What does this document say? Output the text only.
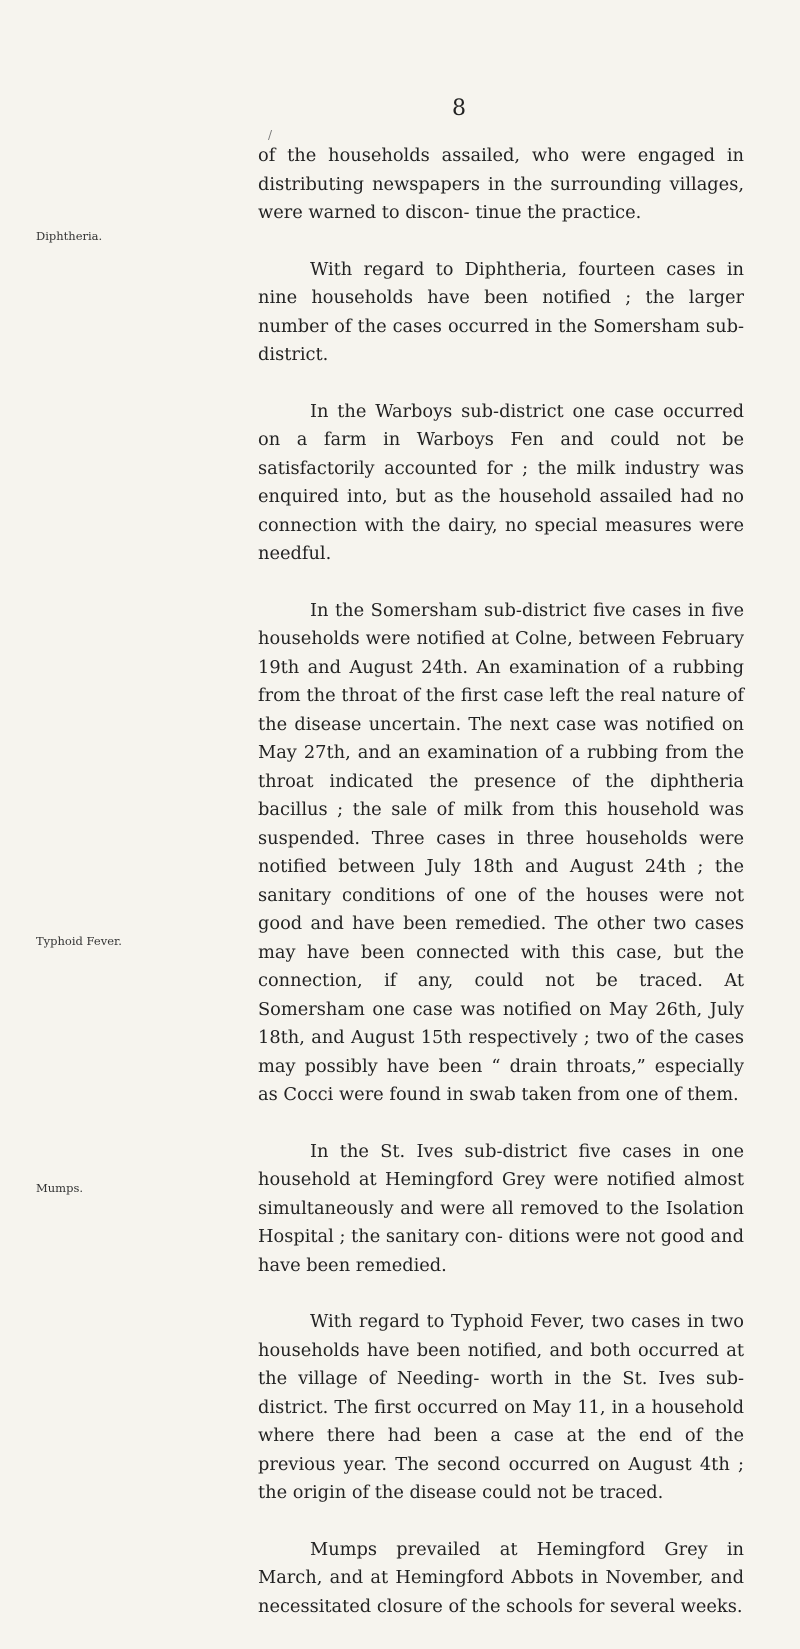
8
/
Diphtheria.
Typhoid Fever.
Mumps.

of the households assailed, who were engaged in distributing newspapers in the surrounding villages, were warned to discon- tinue the practice.

With regard to Diphtheria, fourteen cases in nine households have been notified ; the larger number of the cases occurred in the Somersham sub-district.

In the Warboys sub-district one case occurred on a farm in Warboys Fen and could not be satisfactorily accounted for ; the milk industry was enquired into, but as the household assailed had no connection with the dairy, no special measures were needful.

In the Somersham sub-district five cases in five households were notified at Colne, between February 19th and August 24th. An examination of a rubbing from the throat of the first case left the real nature of the disease uncertain. The next case was notified on May 27th, and an examination of a rubbing from the throat indicated the presence of the diphtheria bacillus ; the sale of milk from this household was suspended. Three cases in three households were notified between July 18th and August 24th ; the sanitary conditions of one of the houses were not good and have been remedied. The other two cases may have been connected with this case, but the connection, if any, could not be traced. At Somersham one case was notified on May 26th, July 18th, and August 15th respectively ; two of the cases may possibly have been “ drain throats,” especially as Cocci were found in swab taken from one of them.

In the St. Ives sub-district five cases in one household at Hemingford Grey were notified almost simultaneously and were all removed to the Isolation Hospital ; the sanitary con- ditions were not good and have been remedied.

With regard to Typhoid Fever, two cases in two households have been notified, and both occurred at the village of Needing- worth in the St. Ives sub-district. The first occurred on May 11, in a household where there had been a case at the end of the previous year. The second occurred on August 4th ; the origin of the disease could not be traced.

Mumps prevailed at Hemingford Grey in March, and at Hemingford Abbots in November, and necessitated closure of the schools for several weeks.
